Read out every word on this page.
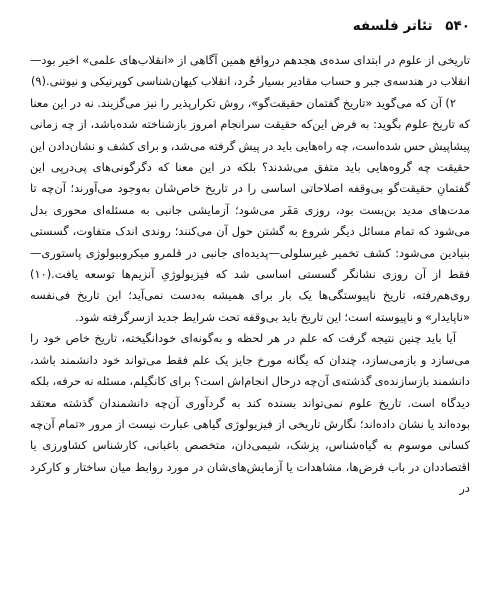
۵۴۰ تئاتر فلسفه

تاریخی از علوم در ابتدای سده‌ی هجدهم درواقع همین آگاهی از «انقلاب‌های علمی» اخیر بود—انقلاب در هندسه‌ی جبر و حساب مقادیر بسیار خُرد، انقلاب کیهان‌شناسی کوپرنیکی و نیوتنی.(۹)

۲) آن که می‌گوید «تاریخ گفتمان حقیقت‌گو»، روش تکرارپذیر را نیز می‌گزیند. نه در این معنا که تاریخ علوم بگوید: به فرض این‌که حقیقت سرانجام امروز بازشناخته شده‌باشد، از چه زمانی پیشاپیش حس شده‌است، چه راه‌هایی باید در پیش گرفته می‌شد، و برای کشف و نشان‌دادن این حقیقت چه گروه‌هایی باید متفق می‌شدند؟ بلکه در این معنا که دگرگونی‌های پی‌درپی این گفتمانِ حقیقت‌گو بی‌وقفه اصلاحاتی اساسی را در تاریخ خاص‌شان به‌وجود می‌آورند؛ آن‌چه تا مدت‌های مدید بن‌بست بود، روزی مَفَر می‌شود؛ آزمایشی جانبی به مسئله‌ای محوری بدل می‌شود که تمام مسائل دیگر شروع به گشتن حول آن می‌کنند؛ روندی اندک متفاوت، گسستی بنیادین می‌شود: کشف تخمیر غیرسلولی—پدیده‌ای جانبی در قلمرو میکروبیولوژی پاستوری— فقط از آن روزی نشانگر گسستی اساسی شد که فیزیولوژیِ آنزیم‌ها توسعه یافت.(۱۰) روی‌هم‌رفته، تاریخ ناپیوستگی‌ها یک بار برای همیشه به‌دست نمی‌آید؛ این تاریخ فی‌نفسه «ناپایدار» و ناپیوسته است؛ این تاریخ باید بی‌وقفه تحت شرایط جدید ازسرگرفته شود.

آیا باید چنین نتیجه گرفت که علم در هر لحظه و به‌گونه‌ای خودانگیخته، تاریخ خاص خود را می‌سازد و بازمی‌سازد، چندان که یگانه مورخ جایز یک علم فقط می‌تواند خود دانشمند باشد، دانشمند بازسازنده‌ی گذشته‌ی آن‌چه درحال انجام‌اش است؟ برای کانگیلم، مسئله نه حرفه، بلکه دیدگاه است. تاریخ علوم نمی‌تواند بسنده کند به گردآوری آن‌چه دانشمندان گذشته معتقد بوده‌اند یا نشان داده‌اند؛ نگارش تاریخی از فیزیولوژی گیاهی عبارت نیست از مرور «تمام آن‌چه کسانی موسوم به گیاه‌شناس، پزشک، شیمی‌دان، متخصص باغبانی، کارشناس کشاورزی یا اقتصاددان در باب فرض‌ها، مشاهدات یا آزمایش‌های‌شان در مورد روابط میان ساختار و کارکرد در
